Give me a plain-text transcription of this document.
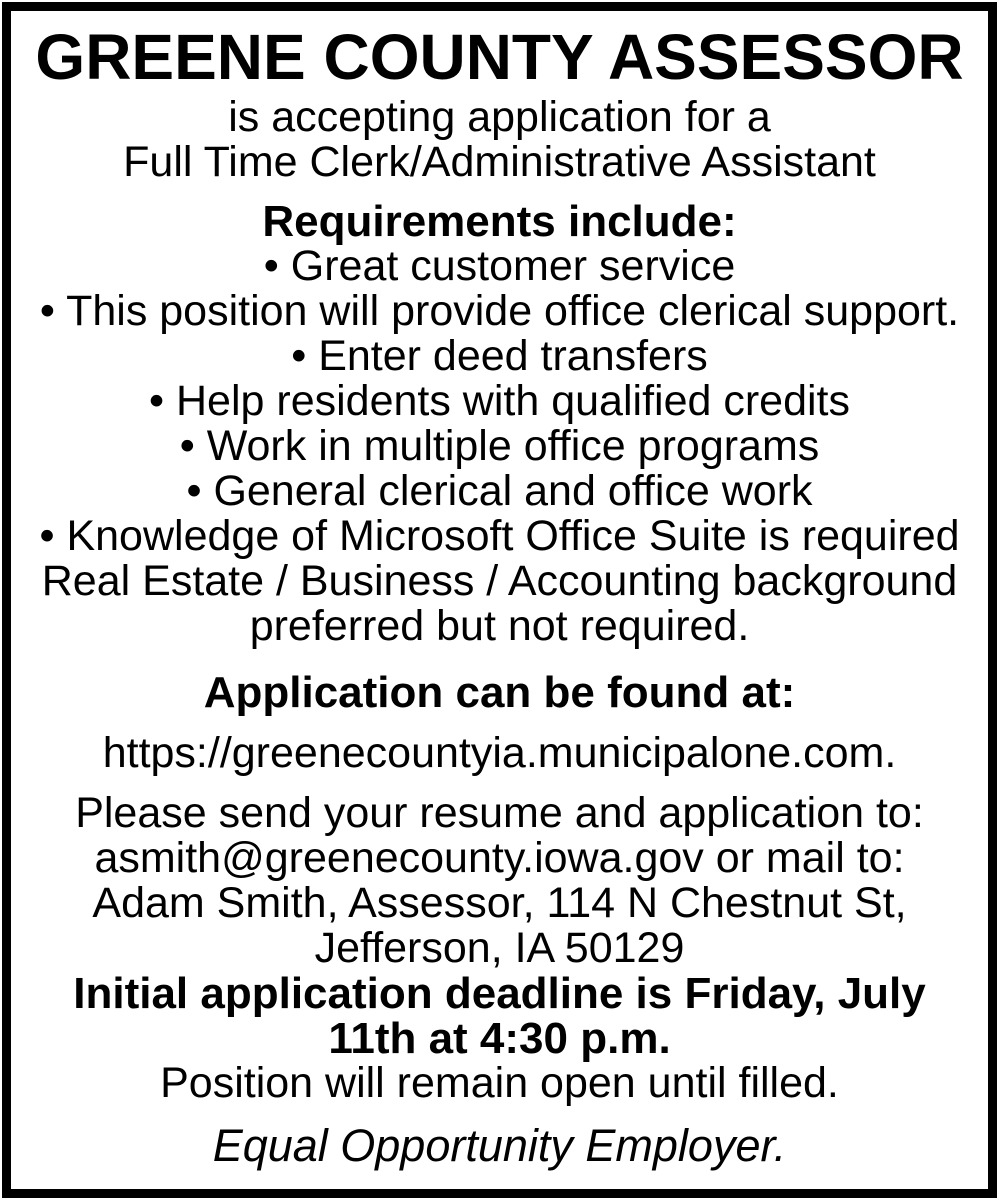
GREENE COUNTY ASSESSOR
is accepting application for a
Full Time Clerk/Administrative Assistant
Requirements include:
• Great customer service
• This position will provide office clerical support.
• Enter deed transfers
• Help residents with qualified credits
• Work in multiple office programs
• General clerical and office work
• Knowledge of Microsoft Office Suite is required
Real Estate / Business / Accounting background
preferred but not required.
Application can be found at:
https://greenecountyia.municipalone.com.
Please send your resume and application to:
asmith@greenecounty.iowa.gov or mail to:
Adam Smith, Assessor, 114 N Chestnut St,
Jefferson, IA 50129
Initial application deadline is Friday, July
11th at 4:30 p.m.
Position will remain open until filled.
Equal Opportunity Employer.
